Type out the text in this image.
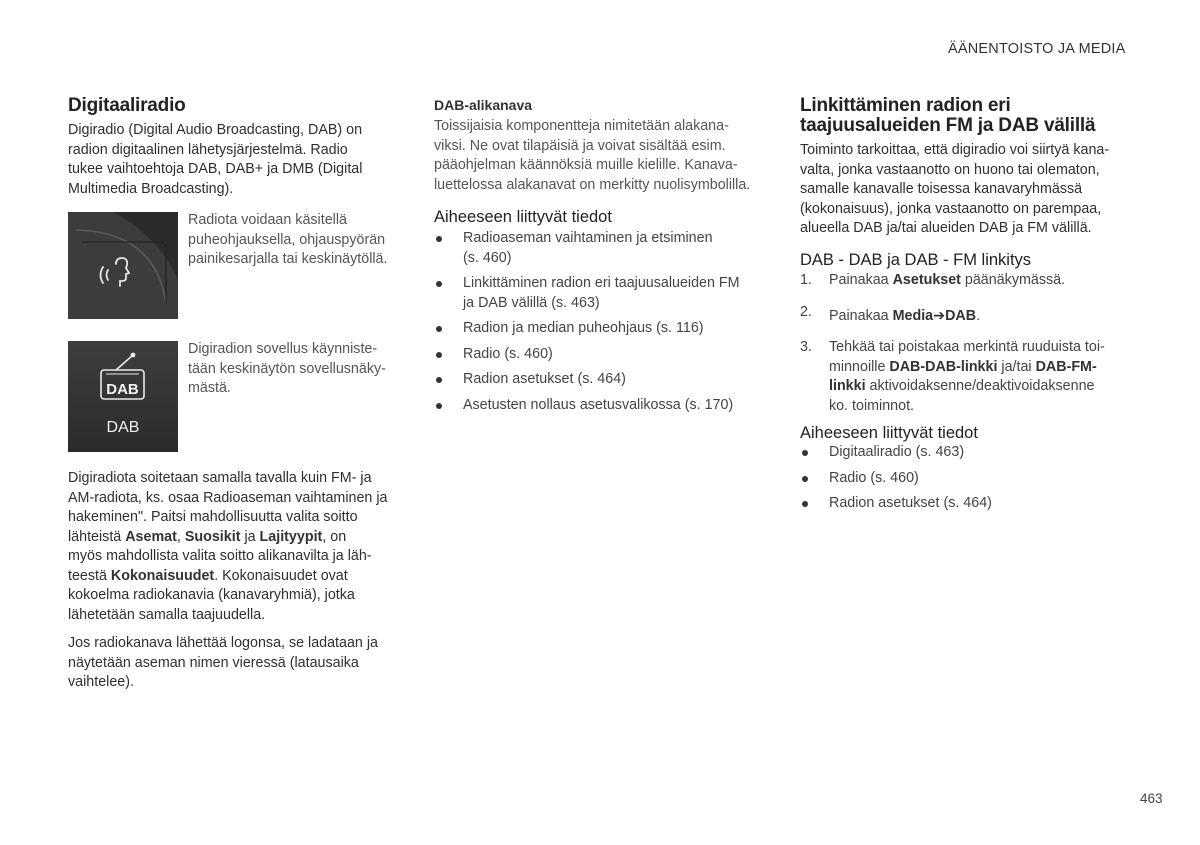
ÄÄNENTOISTO JA MEDIA
Digitaaliradio

Digiradio (Digital Audio Broadcasting, DAB) on
radion digitaalinen lähetysjärjestelmä. Radio
tukee vaihtoehtoja DAB, DAB+ ja DMB (Digital
Multimedia Broadcasting).

Radiota voidaan käsitellä
puheohjauksella, ohjauspyörän
painikesarjalla tai keskinäytöllä.

Digiradion sovellus käynniste-
tään keskinäytön sovellusnäky-
mästä.

Digiradiota soitetaan samalla tavalla kuin FM- ja
AM-radiota, ks. osaa Radioaseman vaihtaminen ja
hakeminen". Paitsi mahdollisuutta valita soitto
lähteistä Asemat, Suosikit ja Lajityypit, on
myös mahdollista valita soitto alikanavilta ja läh-
teestä Kokonaisuudet. Kokonaisuudet ovat
kokoelma radiokanavia (kanavaryhmiä), jotka
lähetetään samalla taajuudella.

Jos radiokanava lähettää logonsa, se ladataan ja
näytetään aseman nimen vieressä (latausaika
vaihtelee).

DAB
DAB
DAB-alikanava

Toissijaisia komponentteja nimitetään alakana-
viksi. Ne ovat tilapäisiä ja voivat sisältää esim.
pääohjelman käännöksiä muille kielille. Kanava-
luettelossa alakanavat on merkitty nuolisymbolilla.

Aiheeseen liittyvät tiedot
Radioaseman vaihtaminen ja etsiminen
(s. 460)
Linkittäminen radion eri taajuusalueiden FM
ja DAB välillä (s. 463)
Radion ja median puheohjaus (s. 116)
Radio (s. 460)
Radion asetukset (s. 464)
Asetusten nollaus asetusvalikossa (s. 170)
Linkittäminen radion eri
taajuusalueiden FM ja DAB välillä

Toiminto tarkoittaa, että digiradio voi siirtyä kana-
valta, jonka vastaanotto on huono tai olematon,
samalle kanavalle toisessa kanavaryhmässä
(kokonaisuus), jonka vastaanotto on parempaa,
alueella DAB ja/tai alueiden DAB ja FM välillä.

DAB - DAB ja DAB - FM linkitys
1. Painakaa Asetukset päänäkymässä.
2. Painakaa Media➔DAB.
3. Tehkää tai poistakaa merkintä ruuduista toi-
minnoille DAB-DAB-linkki ja/tai DAB-FM-
linkki aktivoidaksenne/deaktivoidaksenne
ko. toiminnot.
Aiheeseen liittyvät tiedot
Digitaaliradio (s. 463)
Radio (s. 460)
Radion asetukset (s. 464)
463
